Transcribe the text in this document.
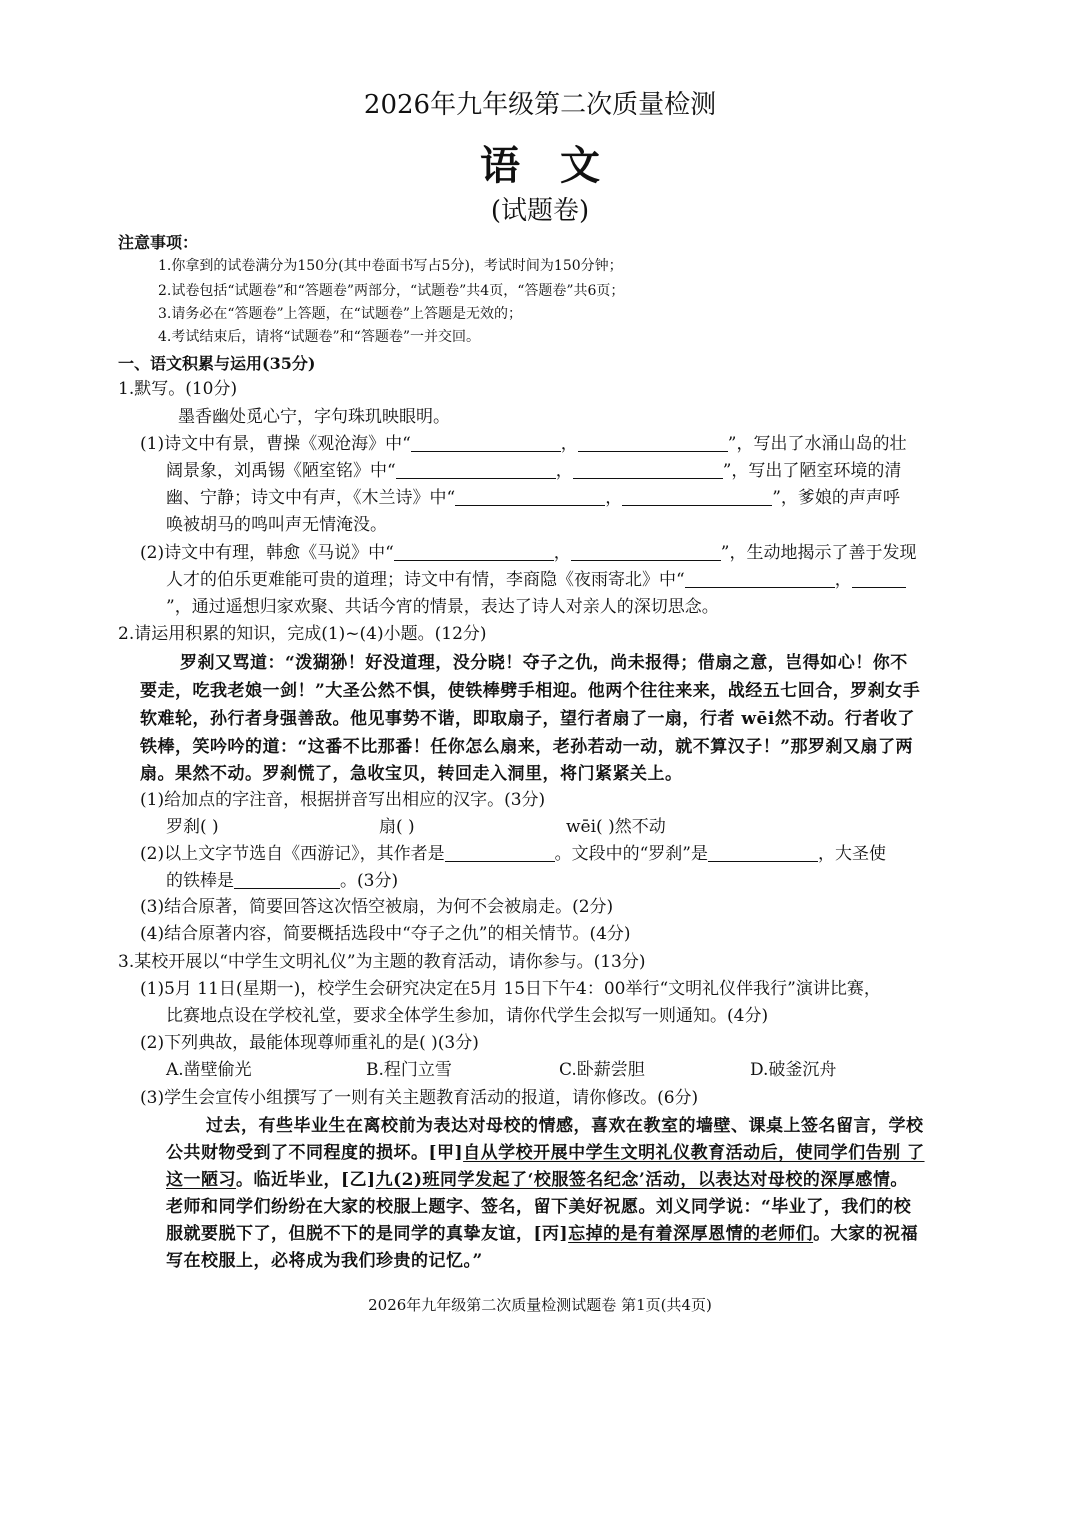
2026年九年级第二次质量检测
语文
(试题卷)
注意事项：
1.你拿到的试卷满分为150分(其中卷面书写占5分)，考试时间为150分钟；
2.试卷包括“试题卷”和“答题卷”两部分，“试题卷”共4页，“答题卷”共6页；
3.请务必在“答题卷”上答题，在“试题卷”上答题是无效的；
4.考试结束后，请将“试题卷”和“答题卷”一并交回。
一、语文积累与运用(35分)
1.默写。(10分)
墨香幽处觅心宁，字句珠玑映眼明。
(1)诗文中有景，曹操《观沧海》中“	，	”，写出了水涌山岛的壮
阔景象，刘禹锡《陋室铭》中“	，	”，写出了陋室环境的清
幽、宁静；诗文中有声，《木兰诗》中“	，	”，爹娘的声声呼
唤被胡马的鸣叫声无情淹没。
(2)诗文中有理，韩愈《马说》中“	，	”，生动地揭示了善于发现
人才的伯乐更难能可贵的道理；诗文中有情，李商隐《夜雨寄北》中“	，
”，通过遥想归家欢聚、共话今宵的情景，表达了诗人对亲人的深切思念。
2.请运用积累的知识，完成(1)~(4)小题。(12分)
罗刹又骂道：“泼猢狲！好没道理，没分晓！夺子之仇，尚未报得；借扇之意，岂得如心！你不
要走，吃我老娘一剑！”大圣公然不惧，使铁棒劈手相迎。他两个往往来来，战经五七回合，罗刹女手
软难轮，孙行者身强善敌。他见事势不谐，即取扇子，望行者扇了一扇，行者 wēi然不动。行者收了
铁棒，笑吟吟的道：“这番不比那番！任你怎么扇来，老孙若动一动，就不算汉子！”那罗刹又扇了两
扇。果然不动。罗刹慌了，急收宝贝，转回走入洞里，将门紧紧关上。
(1)给加点的字注音，根据拼音写出相应的汉字。(3分)
罗刹( )	扇( )	wēi( )然不动
(2)以上文字节选自《西游记》，其作者是	。文段中的“罗刹”是	，大圣使
的铁棒是	。(3分)
(3)结合原著，简要回答这次悟空被扇，为何不会被扇走。(2分)
(4)结合原著内容，简要概括选段中“夺子之仇”的相关情节。(4分)
3.某校开展以“中学生文明礼仪”为主题的教育活动，请你参与。(13分)
(1)5月 11日(星期一)，校学生会研究决定在5月 15日下午4：00举行“文明礼仪伴我行”演讲比赛，
比赛地点设在学校礼堂，要求全体学生参加，请你代学生会拟写一则通知。(4分)
(2)下列典故，最能体现尊师重礼的是( )(3分)
A.凿壁偷光	B.程门立雪	C.卧薪尝胆	D.破釜沉舟
(3)学生会宣传小组撰写了一则有关主题教育活动的报道，请你修改。(6分)
过去，有些毕业生在离校前为表达对母校的情感，喜欢在教室的墙壁、课桌上签名留言，学校
公共财物受到了不同程度的损坏。[甲]自从学校开展中学生文明礼仪教育活动后，使同学们告别 了
这一陋习。临近毕业，[乙]九(2)班同学发起了‘校服签名纪念’活动，以表达对母校的深厚感情。
老师和同学们纷纷在大家的校服上题字、签名，留下美好祝愿。刘义同学说：“毕业了，我们的校
服就要脱下了，但脱不下的是同学的真挚友谊，[丙]忘掉的是有着深厚恩情的老师们。大家的祝福
写在校服上，必将成为我们珍贵的记忆。”
2026年九年级第二次质量检测试题卷 第1页(共4页)
